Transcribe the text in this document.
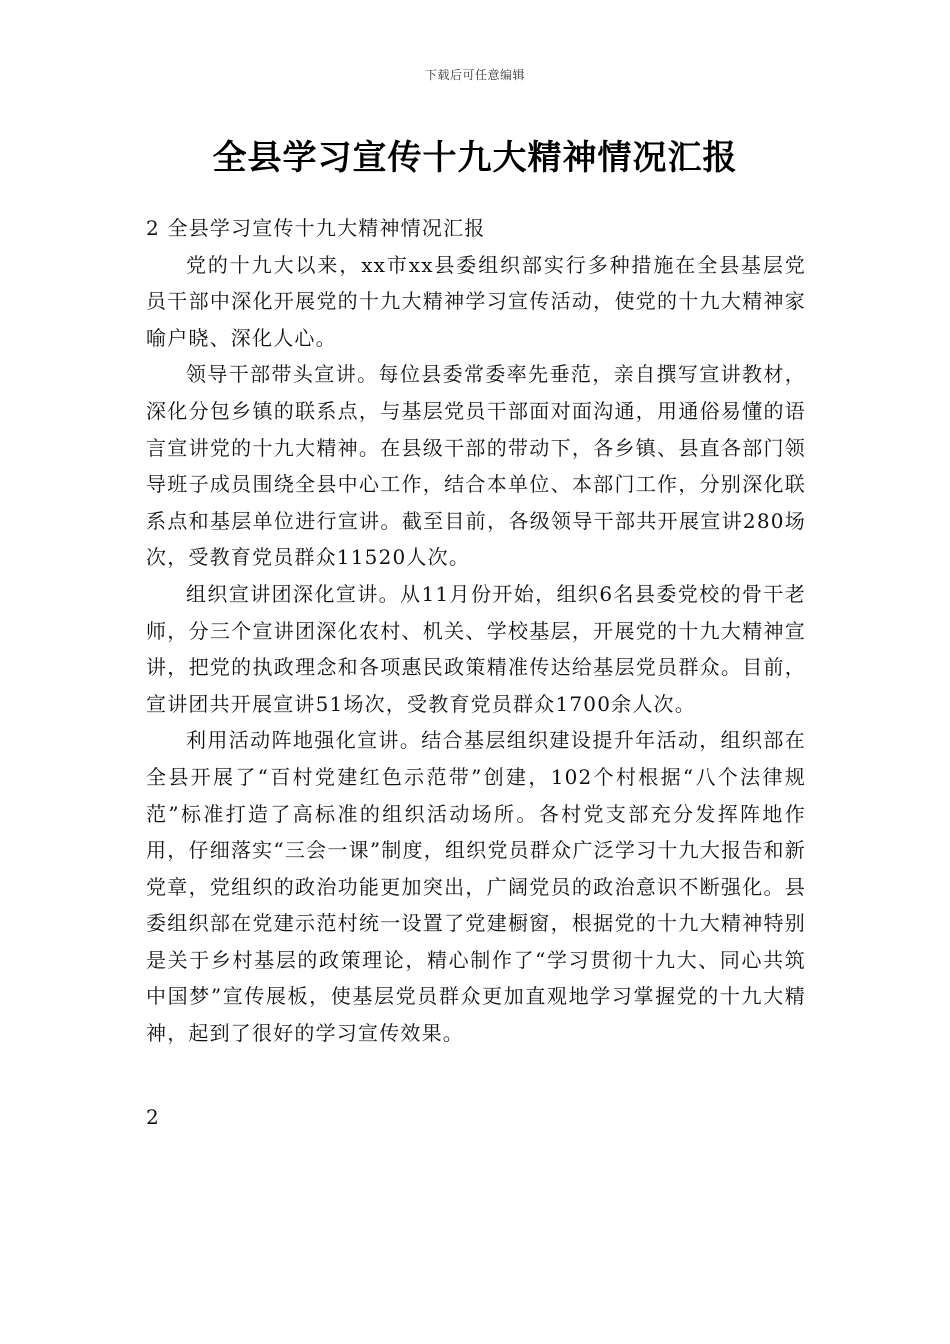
下载后可任意编辑
全县学习宣传十九大精神情况汇报

2 全县学习宣传十九大精神情况汇报

党的十九大以来，xx市xx县委组织部实行多种措施在全县基层党员干部中深化开展党的十九大精神学习宣传活动，使党的十九大精神家喻户晓、深化人心。

领导干部带头宣讲。每位县委常委率先垂范，亲自撰写宣讲教材，深化分包乡镇的联系点，与基层党员干部面对面沟通，用通俗易懂的语言宣讲党的十九大精神。在县级干部的带动下，各乡镇、县直各部门领导班子成员围绕全县中心工作，结合本单位、本部门工作，分别深化联系点和基层单位进行宣讲。截至目前，各级领导干部共开展宣讲280场次，受教育党员群众11520人次。

组织宣讲团深化宣讲。从11月份开始，组织6名县委党校的骨干老师，分三个宣讲团深化农村、机关、学校基层，开展党的十九大精神宣讲，把党的执政理念和各项惠民政策精准传达给基层党员群众。目前，宣讲团共开展宣讲51场次，受教育党员群众1700余人次。

利用活动阵地强化宣讲。结合基层组织建设提升年活动，组织部在全县开展了“百村党建红色示范带”创建，102个村根据“八个法律规范”标准打造了高标准的组织活动场所。各村党支部充分发挥阵地作用，仔细落实“三会一课”制度，组织党员群众广泛学习十九大报告和新党章，党组织的政治功能更加突出，广阔党员的政治意识不断强化。县委组织部在党建示范村统一设置了党建橱窗，根据党的十九大精神特别是关于乡村基层的政策理论，精心制作了“学习贯彻十九大、同心共筑中国梦”宣传展板，使基层党员群众更加直观地学习掌握党的十九大精神，起到了很好的学习宣传效果。

2
